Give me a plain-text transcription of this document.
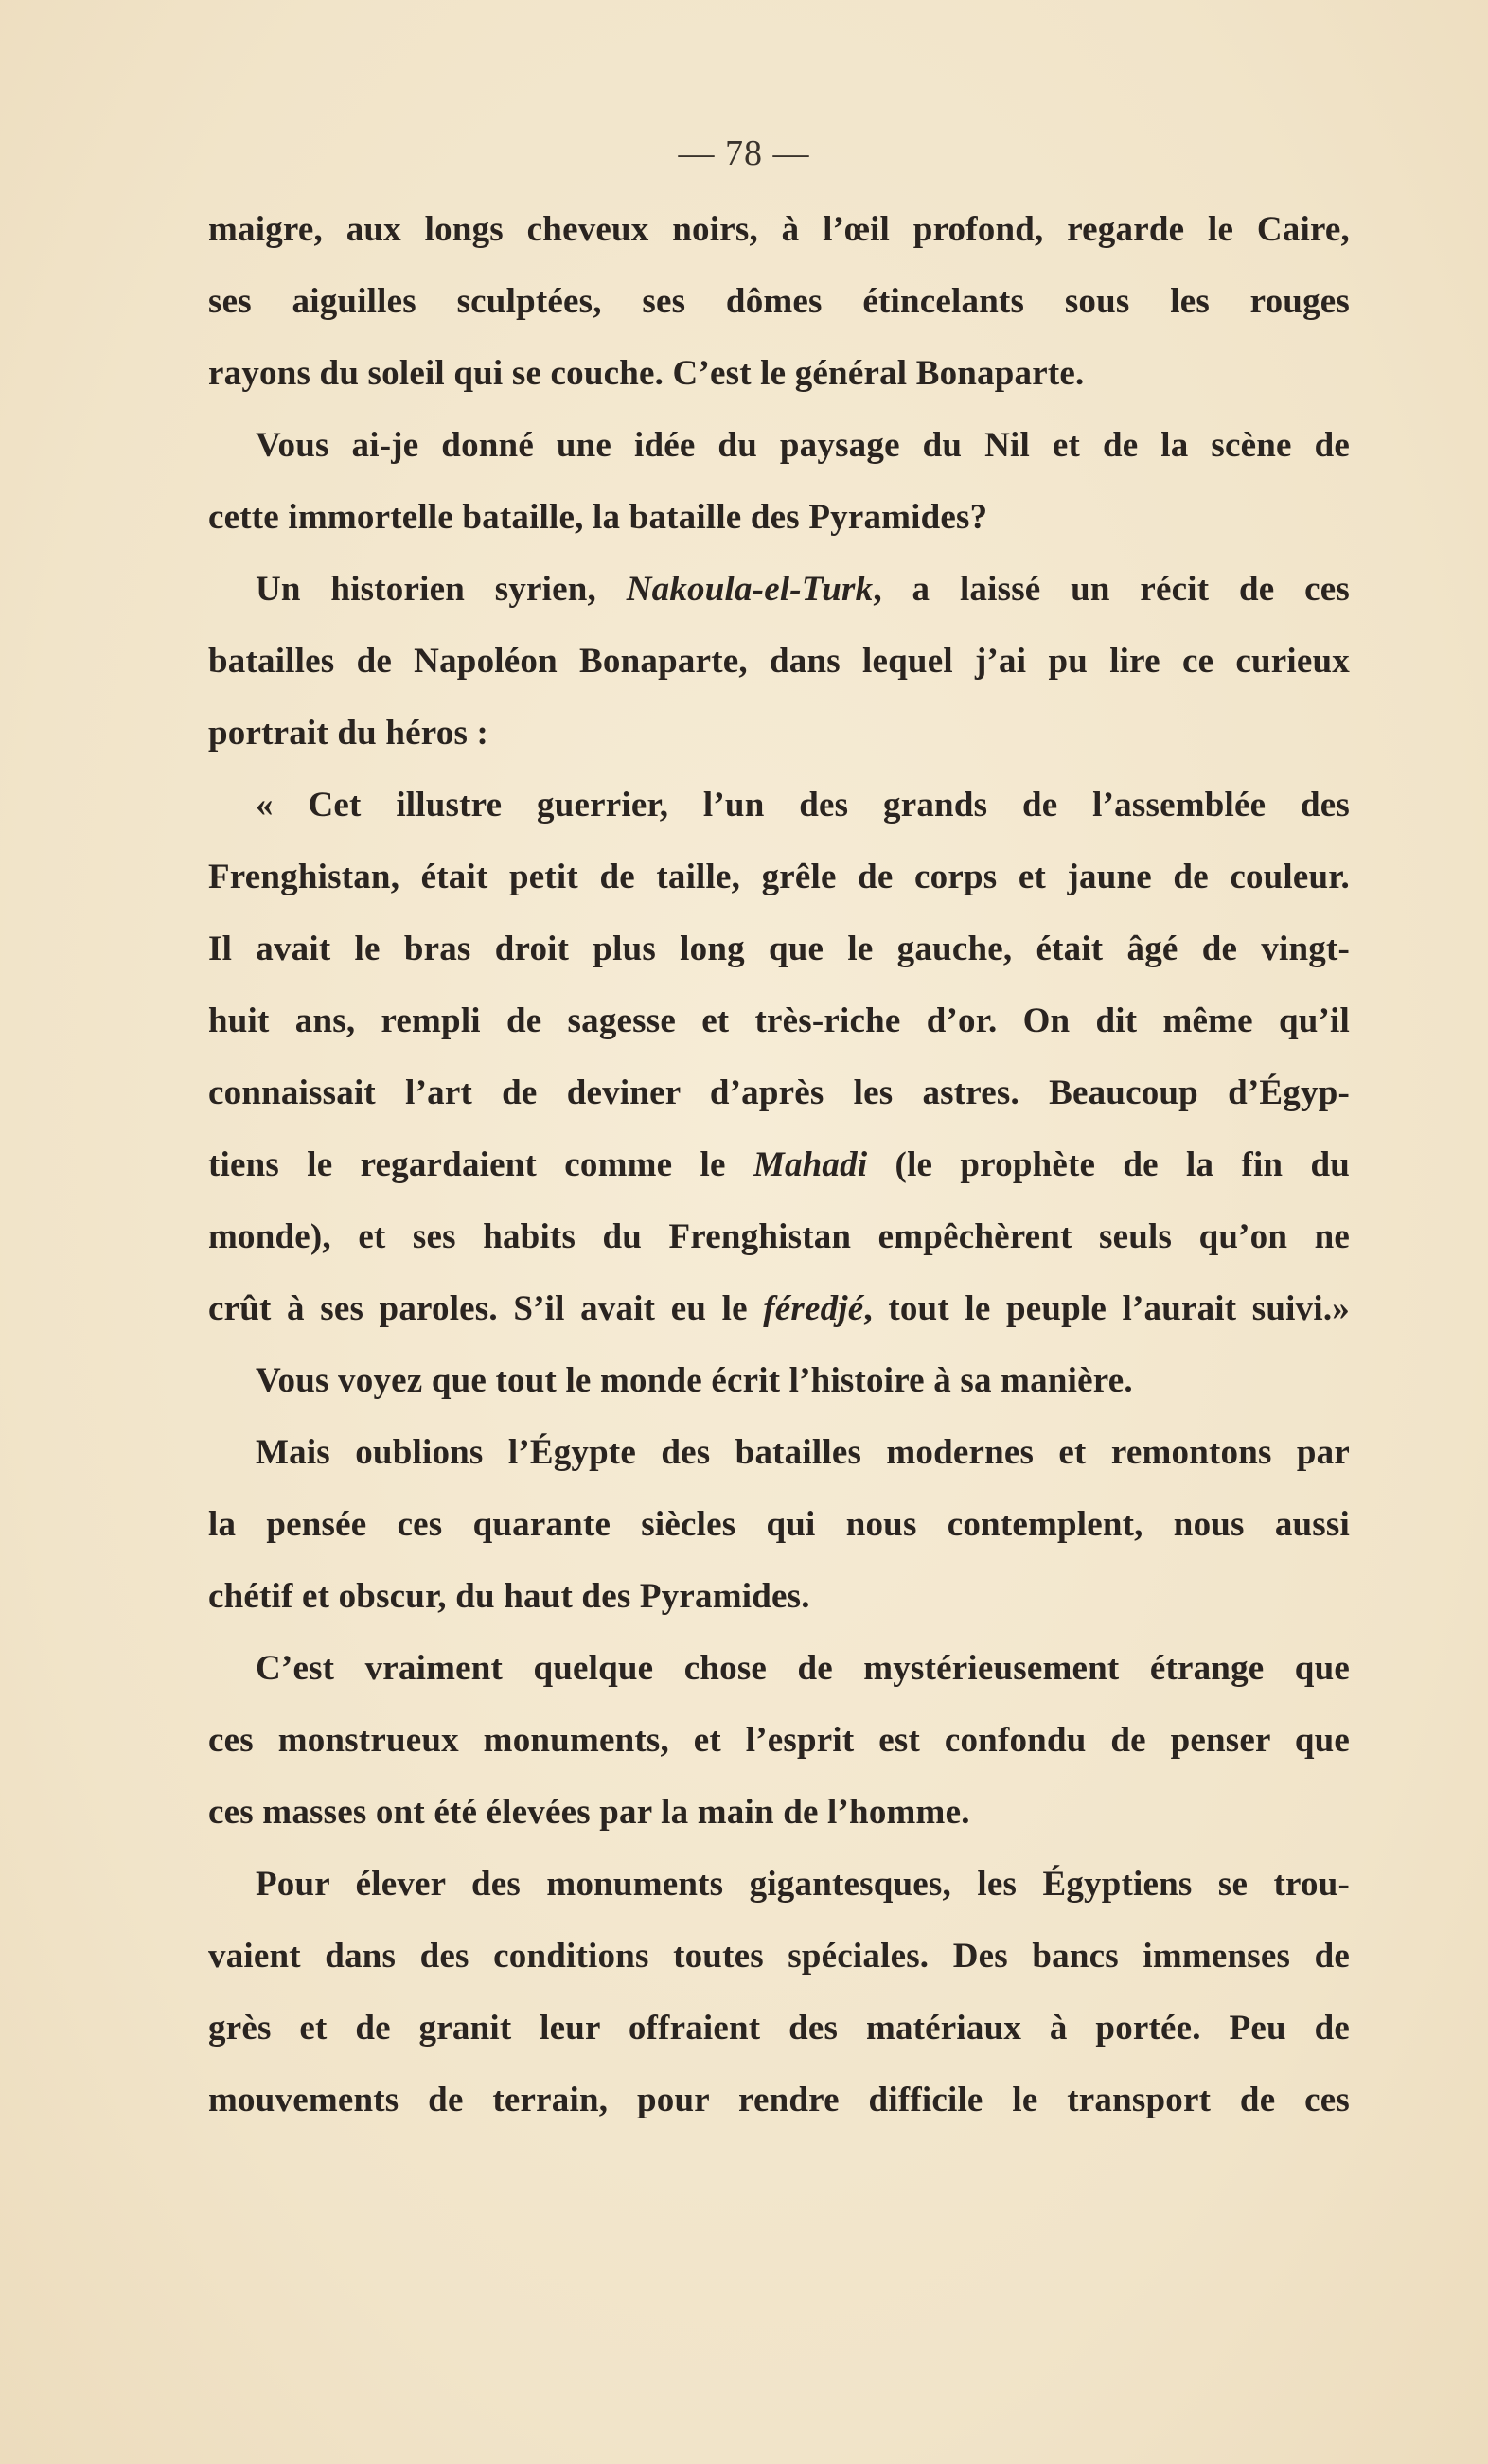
— 78 —
maigre, aux longs cheveux noirs, à l’œil profond, regarde le Caire,
ses aiguilles sculptées, ses dômes étincelants sous les rouges
rayons du soleil qui se couche. C’est le général Bonaparte.
Vous ai-je donné une idée du paysage du Nil et de la scène de
cette immortelle bataille, la bataille des Pyramides?
Un historien syrien, Nakoula-el-Turk, a laissé un récit de ces
batailles de Napoléon Bonaparte, dans lequel j’ai pu lire ce curieux
portrait du héros :
« Cet illustre guerrier, l’un des grands de l’assemblée des
Frenghistan, était petit de taille, grêle de corps et jaune de couleur.
Il avait le bras droit plus long que le gauche, était âgé de vingt-
huit ans, rempli de sagesse et très-riche d’or. On dit même qu’il
connaissait l’art de deviner d’après les astres. Beaucoup d’Égyp-
tiens le regardaient comme le Mahadi (le prophète de la fin du
monde), et ses habits du Frenghistan empêchèrent seuls qu’on ne
crût à ses paroles. S’il avait eu le féredjé, tout le peuple l’aurait suivi.»
Vous voyez que tout le monde écrit l’histoire à sa manière.
Mais oublions l’Égypte des batailles modernes et remontons par
la pensée ces quarante siècles qui nous contemplent, nous aussi
chétif et obscur, du haut des Pyramides.
C’est vraiment quelque chose de mystérieusement étrange que
ces monstrueux monuments, et l’esprit est confondu de penser que
ces masses ont été élevées par la main de l’homme.
Pour élever des monuments gigantesques, les Égyptiens se trou-
vaient dans des conditions toutes spéciales. Des bancs immenses de
grès et de granit leur offraient des matériaux à portée. Peu de
mouvements de terrain, pour rendre difficile le transport de ces
